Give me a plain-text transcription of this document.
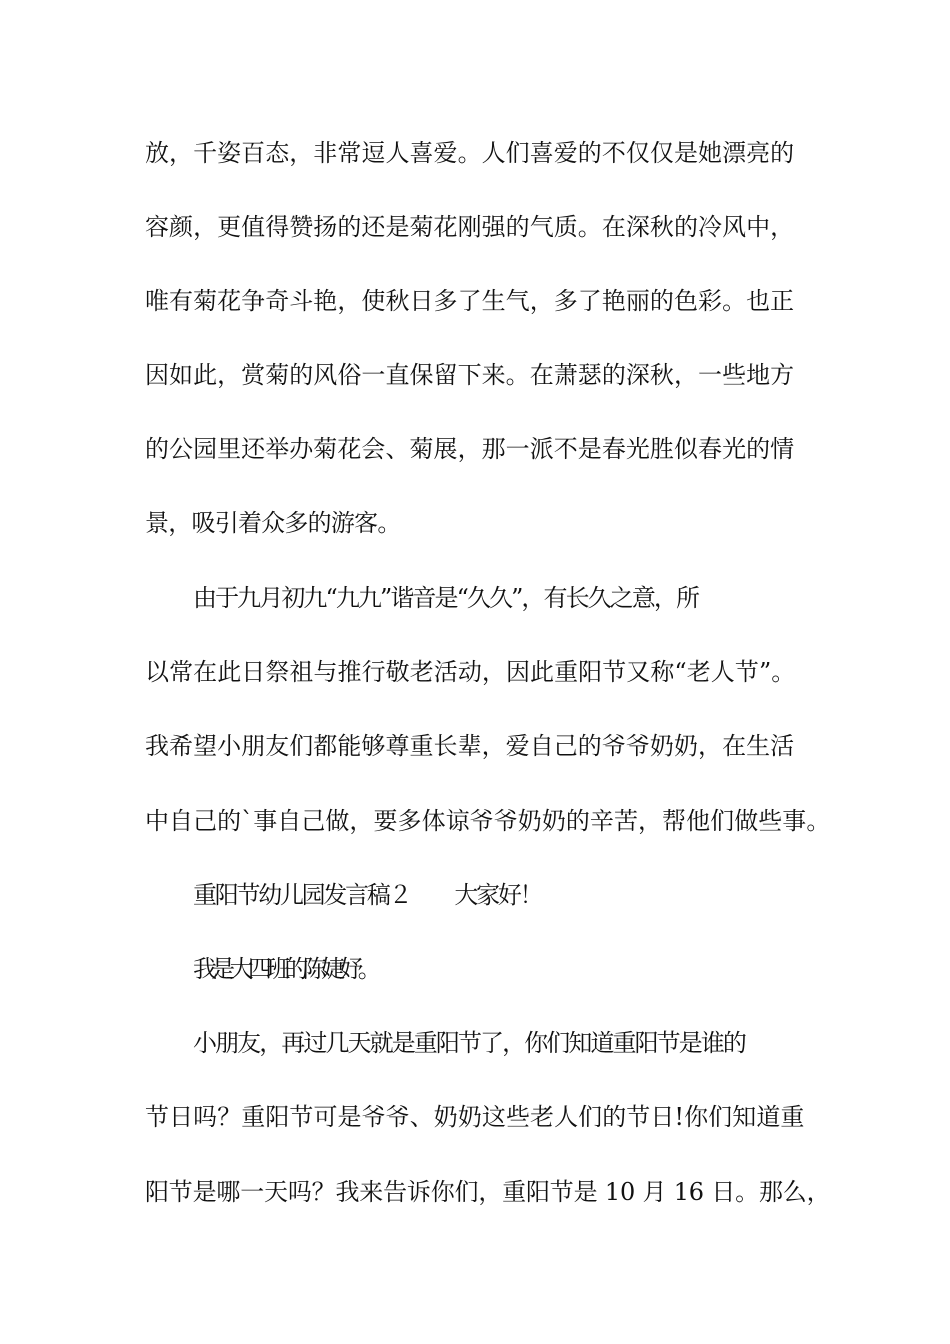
放，千姿百态，非常逗人喜爱。人们喜爱的不仅仅是她漂亮的
容颜，更值得赞扬的还是菊花刚强的气质。在深秋的冷风中，
唯有菊花争奇斗艳，使秋日多了生气，多了艳丽的色彩。也正
因如此，赏菊的风俗一直保留下来。在萧瑟的深秋，一些地方
的公园里还举办菊花会、菊展，那一派不是春光胜似春光的情
景，吸引着众多的游客。
由于九月初九“九九”谐音是“久久”，有长久之意，所
以常在此日祭祖与推行敬老活动，因此重阳节又称“老人节”。
我希望小朋友们都能够尊重长辈，爱自己的爷爷奶奶，在生活
中自己的`事自己做，要多体谅爷爷奶奶的辛苦，帮他们做些事。
重阳节幼儿园发言稿２ 大家好！
我是大四班的陈婕妤。
小朋友，再过几天就是重阳节了，你们知道重阳节是谁的
节日吗？重阳节可是爷爷、奶奶这些老人们的节日!你们知道重
阳节是哪一天吗？我来告诉你们，重阳节是 10 月 16 日。那么，
